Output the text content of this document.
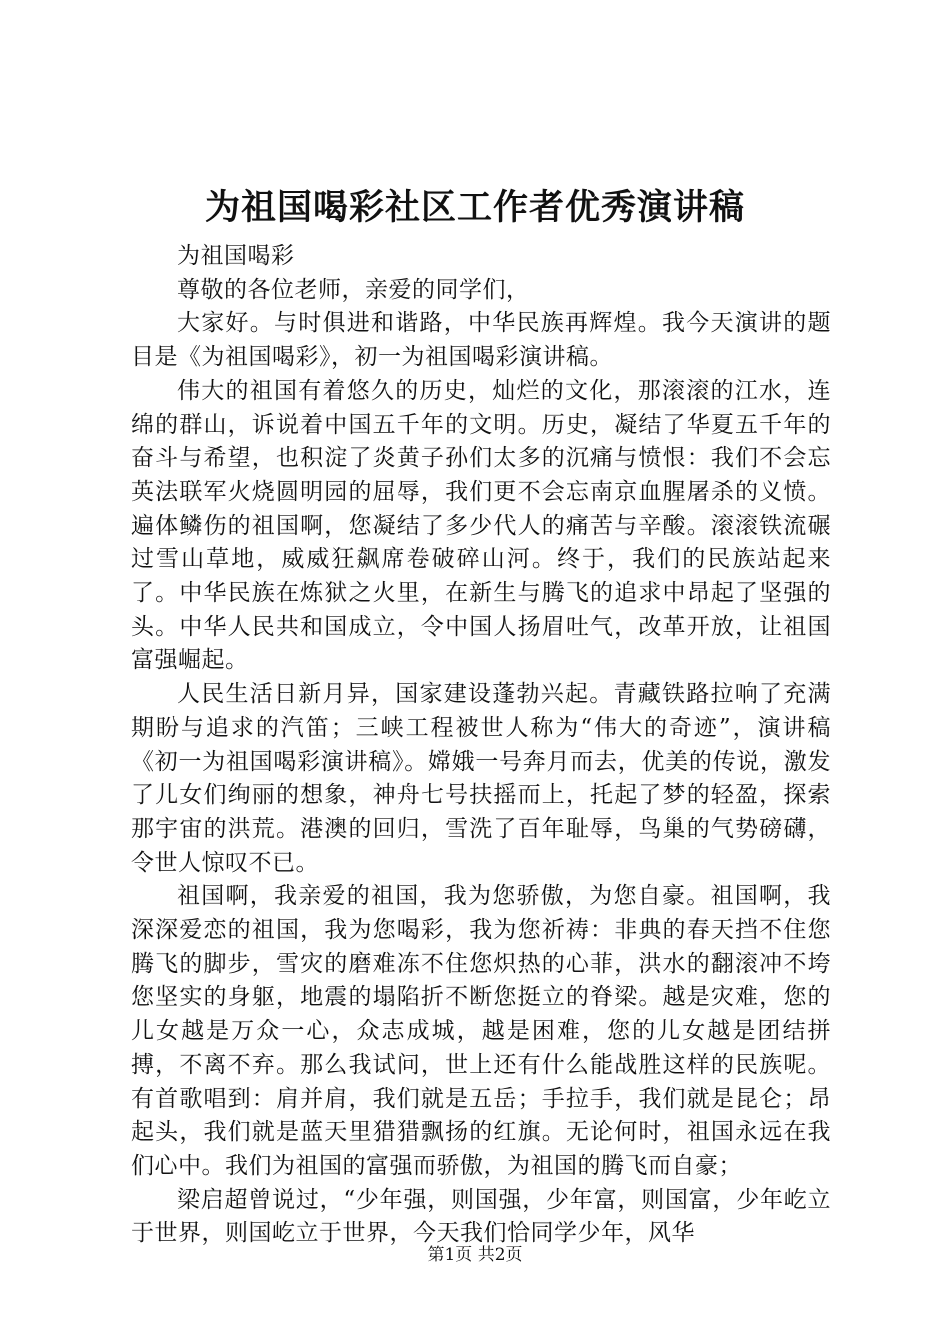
为祖国喝彩社区工作者优秀演讲稿

为祖国喝彩

尊敬的各位老师，亲爱的同学们，

大家好。与时俱进和谐路，中华民族再辉煌。我今天演讲的题目是《为祖国喝彩》，初一为祖国喝彩演讲稿。

伟大的祖国有着悠久的历史，灿烂的文化，那滚滚的江水，连绵的群山，诉说着中国五千年的文明。历史，凝结了华夏五千年的奋斗与希望，也积淀了炎黄子孙们太多的沉痛与愤恨：我们不会忘英法联军火烧圆明园的屈辱，我们更不会忘南京血腥屠杀的义愤。遍体鳞伤的祖国啊，您凝结了多少代人的痛苦与辛酸。滚滚铁流碾过雪山草地，威威狂飙席卷破碎山河。终于，我们的民族站起来了。中华民族在炼狱之火里，在新生与腾飞的追求中昂起了坚强的头。中华人民共和国成立，令中国人扬眉吐气，改革开放，让祖国富强崛起。

人民生活日新月异，国家建设蓬勃兴起。青藏铁路拉响了充满期盼与追求的汽笛；三峡工程被世人称为“伟大的奇迹”，演讲稿《初一为祖国喝彩演讲稿》。嫦娥一号奔月而去，优美的传说，激发了儿女们绚丽的想象，神舟七号扶摇而上，托起了梦的轻盈，探索那宇宙的洪荒。港澳的回归，雪洗了百年耻辱，鸟巢的气势磅礴，令世人惊叹不已。

祖国啊，我亲爱的祖国，我为您骄傲，为您自豪。祖国啊，我深深爱恋的祖国，我为您喝彩，我为您祈祷：非典的春天挡不住您腾飞的脚步，雪灾的磨难冻不住您炽热的心菲，洪水的翻滚冲不垮您坚实的身躯，地震的塌陷折不断您挺立的脊梁。越是灾难，您的儿女越是万众一心，众志成城，越是困难，您的儿女越是团结拼搏，不离不弃。那么我试问，世上还有什么能战胜这样的民族呢。有首歌唱到：肩并肩，我们就是五岳；手拉手，我们就是昆仑；昂起头，我们就是蓝天里猎猎飘扬的红旗。无论何时，祖国永远在我们心中。我们为祖国的富强而骄傲，为祖国的腾飞而自豪；

梁启超曾说过，“少年强，则国强，少年富，则国富，少年屹立于世界，则国屹立于世界，今天我们恰同学少年，风华

第1页 共2页
